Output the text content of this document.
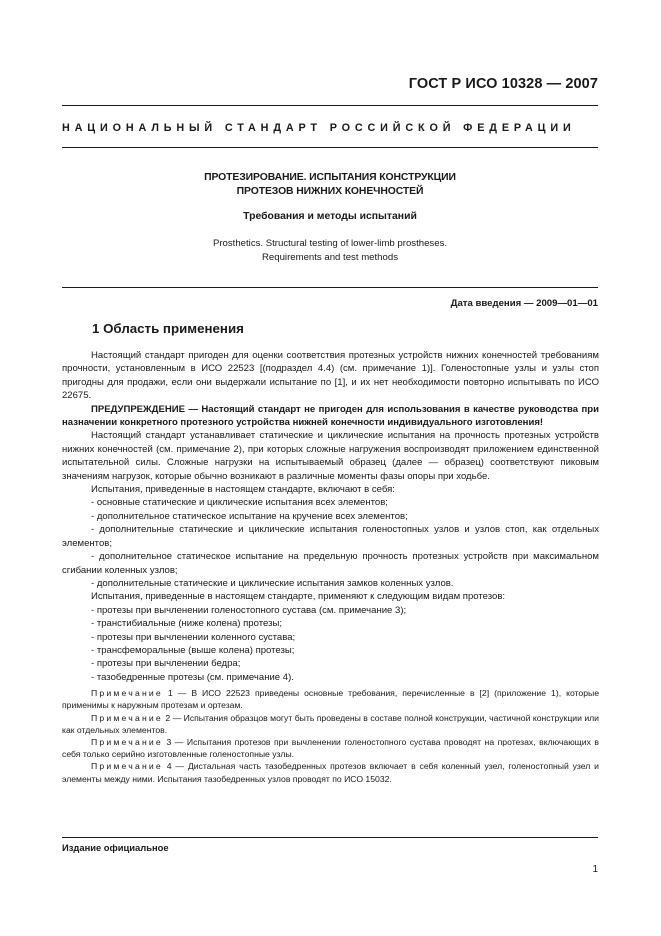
ГОСТ Р ИСО 10328 — 2007
НАЦИОНАЛЬНЫЙ СТАНДАРТ РОССИЙСКОЙ ФЕДЕРАЦИИ
ПРОТЕЗИРОВАНИЕ. ИСПЫТАНИЯ КОНСТРУКЦИИ
ПРОТЕЗОВ НИЖНИХ КОНЕЧНОСТЕЙ
Требования и методы испытаний
Prosthetics. Structural testing of lower-limb prostheses.
Requirements and test methods
Дата введения — 2009—01—01
1 Область применения

Настоящий стандарт пригоден для оценки соответствия протезных устройств нижних конечностей требованиям прочности, установленным в ИСО 22523 [(подраздел 4.4) (см. примечание 1)]. Голеностопные узлы и узлы стоп пригодны для продажи, если они выдержали испытание по [1], и их нет необходимости повторно испытывать по ИСО 22675.

ПРЕДУПРЕЖДЕНИЕ — Настоящий стандарт не пригоден для использования в качестве руководства при назначении конкретного протезного устройства нижней конечности индивидуального изготовления!

Настоящий стандарт устанавливает статические и циклические испытания на прочность протезных устройств нижних конечностей (см. примечание 2), при которых сложные нагружения воспроизводят приложением единственной испытательной силы. Сложные нагрузки на испытываемый образец (далее — образец) соответствуют пиковым значениям нагрузок, которые обычно возникают в различные моменты фазы опоры при ходьбе.

Испытания, приведенные в настоящем стандарте, включают в себя:

- основные статические и циклические испытания всех элементов;

- дополнительное статическое испытание на кручение всех элементов;

- дополнительные статические и циклические испытания голеностопных узлов и узлов стоп, как отдельных элементов;

- дополнительное статическое испытание на предельную прочность протезных устройств при максимальном сгибании коленных узлов;

- дополнительные статические и циклические испытания замков коленных узлов.

Испытания, приведенные в настоящем стандарте, применяют к следующим видам протезов:

- протезы при вычленении голеностопного сустава (см. примечание 3);

- транстибиальные (ниже колена) протезы;

- протезы при вычленении коленного сустава;

- трансфеморальные (выше колена) протезы;

- протезы при вычленении бедра;

- тазобедренные протезы (см. примечание 4).

Примечание 1 — В ИСО 22523 приведены основные требования, перечисленные в [2] (приложение 1), которые применимы к наружным протезам и ортезам.

Примечание 2 — Испытания образцов могут быть проведены в составе полной конструкции, частичной конструкции или как отдельных элементов.

Примечание 3 — Испытания протезов при вычленении голеностопного сустава проводят на протезах, включающих в себя только серийно изготовленные голеностопные узлы.

Примечание 4 — Дистальная часть тазобедренных протезов включает в себя коленный узел, голеностопный узел и элементы между ними. Испытания тазобедренных узлов проводят по ИСО 15032.

Издание официальное
1
